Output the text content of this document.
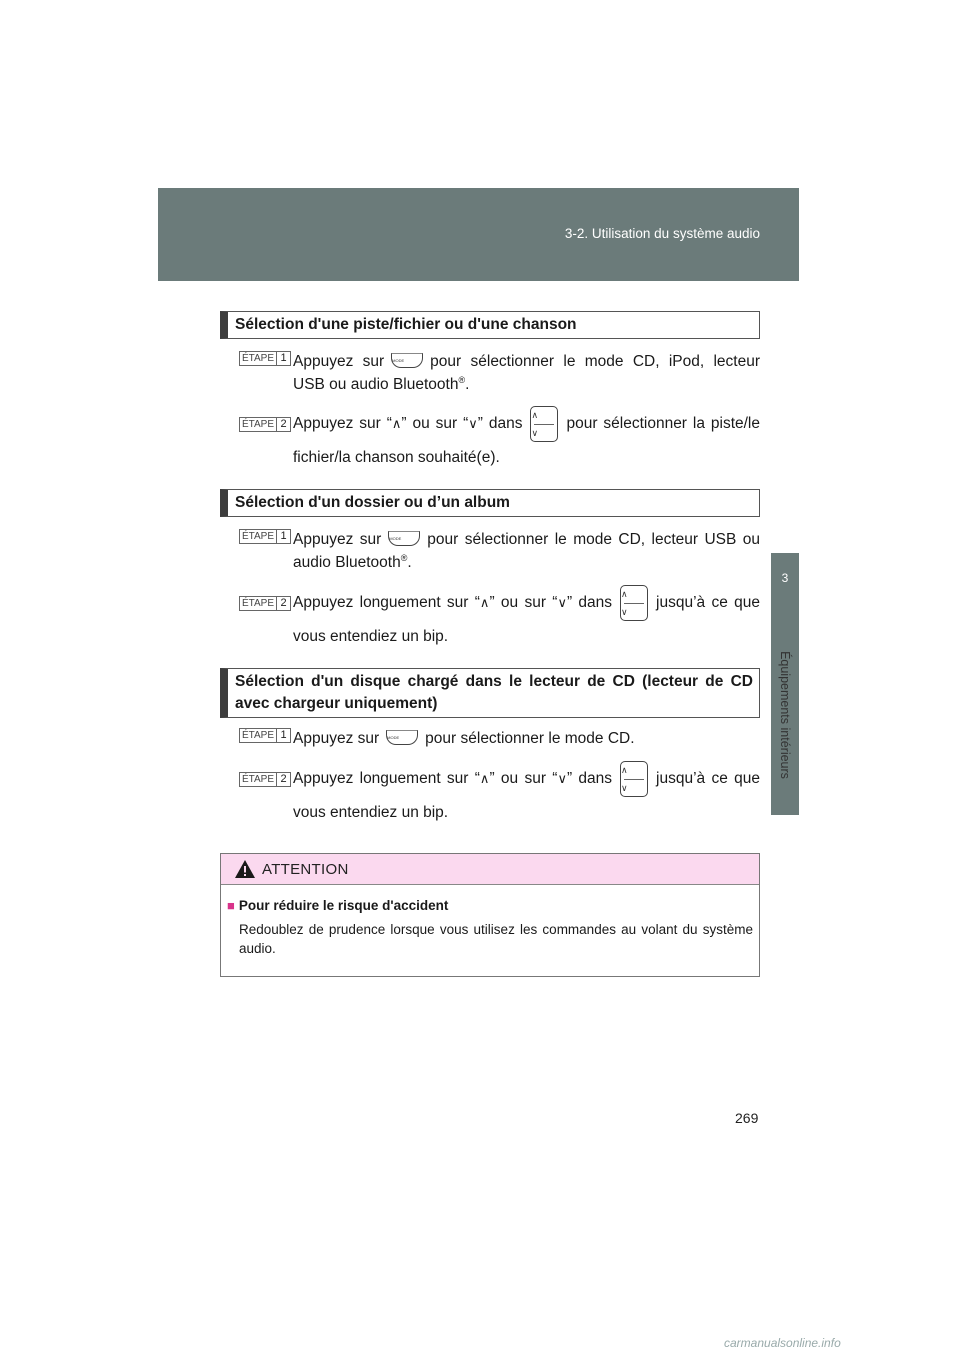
3-2. Utilisation du système audio
3
Équipements intérieurs
Sélection d'une piste/fichier ou d'une chanson
ÉTAPE 1 Appuyez sur MODE pour sélectionner le mode CD, iPod, lecteur USB ou audio Bluetooth®.
ÉTAPE 2 Appuyez sur “∧” ou sur “∨” dans
∧
∨
pour sélectionner la piste/le fichier/la chanson souhaité(e).
Sélection d'un dossier ou d’un album
ÉTAPE 1 Appuyez sur MODE pour sélectionner le mode CD, lecteur USB ou audio Bluetooth®.
ÉTAPE 2 Appuyez longuement sur “∧” ou sur “∨” dans
∧
∨
jusqu’à ce que vous entendiez un bip.
Sélection d'un disque chargé dans le lecteur de CD (lecteur de CD avec chargeur uniquement)
ÉTAPE 1 Appuyez sur MODE pour sélectionner le mode CD.
ÉTAPE 2 Appuyez longuement sur “∧” ou sur “∨” dans
∧
∨
jusqu’à ce que vous entendiez un bip.
ATTENTION
■ Pour réduire le risque d'accident
Redoublez de prudence lorsque vous utilisez les commandes au volant du système audio.
269
carmanualsonline.info
